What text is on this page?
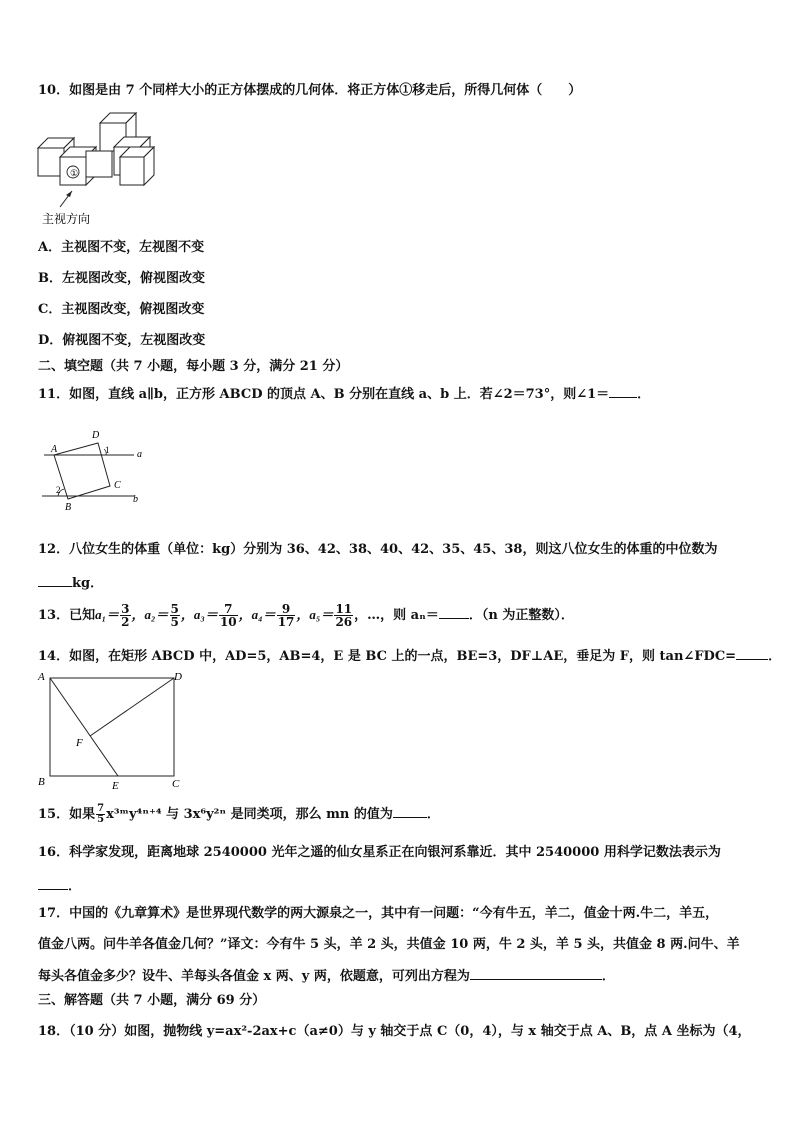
10．如图是由 7 个同样大小的正方体摆成的几何体．将正方体①移走后，所得几何体（　　）
①
主视方向
A．主视图不变，左视图不变
B．左视图改变，俯视图改变
C．主视图改变，俯视图改变
D．俯视图不变，左视图改变
二、填空题（共 7 小题，每小题 3 分，满分 21 分）
11．如图，直线 a∥b，正方形 ABCD 的顶点 A、B 分别在直线 a、b 上．若∠2＝73°，则∠1＝ ．
A
D
1	a
2	C
b
B
12．八位女生的体重（单位：kg）分别为 36、42、38、40、42、35、45、38，则这八位女生的体重的中位数为
kg．
13．已知$a_1= \frac{3}{2}$ ，$a_2= \frac{5}{5}$ ，$a_3= \frac{7}{10}$ ，$a_4= \frac{9}{17}$ ，$a_5= \frac{11}{26}$ ，…，则 aₙ＝ ．（n 为正整数）．
14．如图，在矩形 ABCD 中，AD=5，AB=4，E 是 BC 上的一点，BE=3，DF⊥AE，垂足为 F，则 tan∠FDC= ．
A	D
F
B	E	C
15．如果 $\frac{7}{5}$ x³ᵐy⁴ⁿ⁺⁴ 与 3x⁶y²ⁿ 是同类项，那么 mn 的值为	．
16．科学家发现，距离地球 2540000 光年之遥的仙女星系正在向银河系靠近．其中 2540000 用科学记数法表示为
．
17．中国的《九章算术》是世界现代数学的两大源泉之一，其中有一问题：“今有牛五，羊二，值金十两.牛二，羊五，
值金八两。问牛羊各值金几何？”译文：今有牛 5 头，羊 2 头，共值金 10 两，牛 2 头，羊 5 头，共值金 8 两.问牛、羊
每头各值金多少？设牛、羊每头各值金 x 两、y 两，依题意，可列出方程为	．
三、解答题（共 7 小题，满分 69 分）
18．（10 分）如图，抛物线 y=ax²-2ax+c（a≠0）与 y 轴交于点 C（0，4），与 x 轴交于点 A、B，点 A 坐标为（4，
